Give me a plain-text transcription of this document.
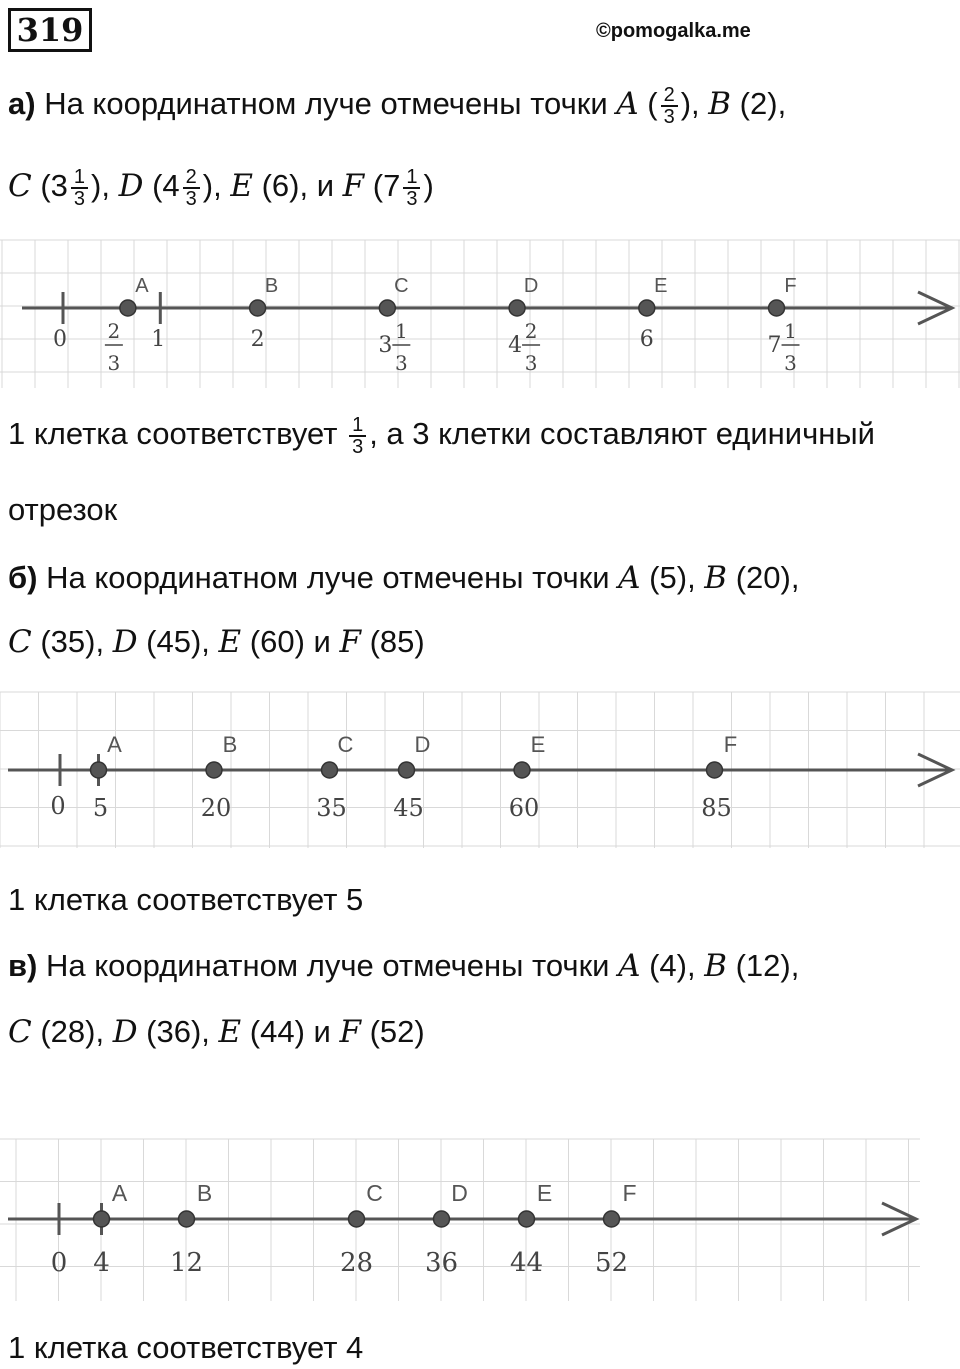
319	©pomogalka.me
а) На координатном луче отмечены точки A ( $\frac{2}{3}$ ), B (2),
C ($3 \frac{1}{3}$ ), D ($4 \frac{2}{3}$ ), E (6), и F ($7 \frac{1}{3}$ )
0	1
A
2
3
B
2
C
3
1
3
D
4
2
3
E
6
F
7
1
3
1 клетка соответствует $\frac{1}{3}$ , а 3 клетки составляют единичный
отрезок
б) На координатном луче отмечены точки A (5), B (20),
C (35), D (45), E (60) и F (85)
0
A
5
B
20
C
35
D
45
E
60
F
85
1 клетка соответствует 5
в) На координатном луче отмечены точки A (4), B (12),
C (28), D (36), E (44) и F (52)
0
A
4
B
12
C
28
D
36
E
44
F
52
1 клетка соответствует 4
